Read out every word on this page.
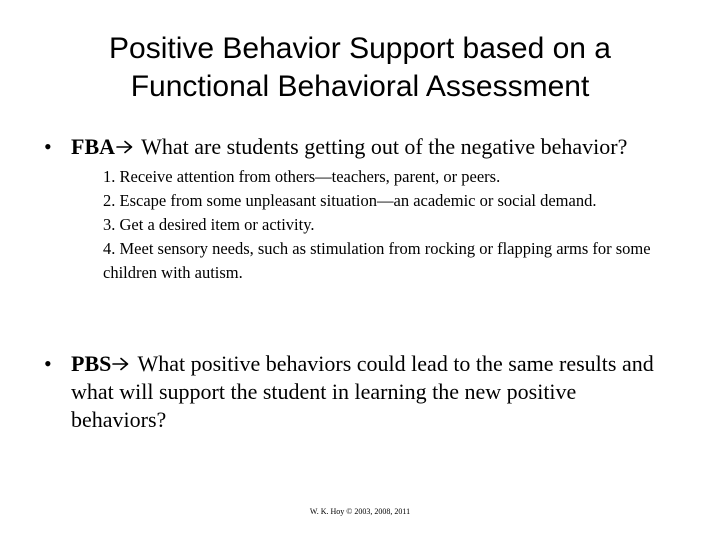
Positive Behavior Support based on a
Functional Behavioral Assessment
• FBA What are students getting out of the negative behavior?
1. Receive attention from others—teachers, parent, or peers.
2. Escape from some unpleasant situation—an academic or social demand.
3. Get a desired item or activity.
4. Meet sensory needs, such as stimulation from rocking or flapping arms for some children with autism.
• PBS What positive behaviors could lead to the same results and what will support the student in learning the new positive behaviors?
W. K. Hoy © 2003, 2008, 2011
